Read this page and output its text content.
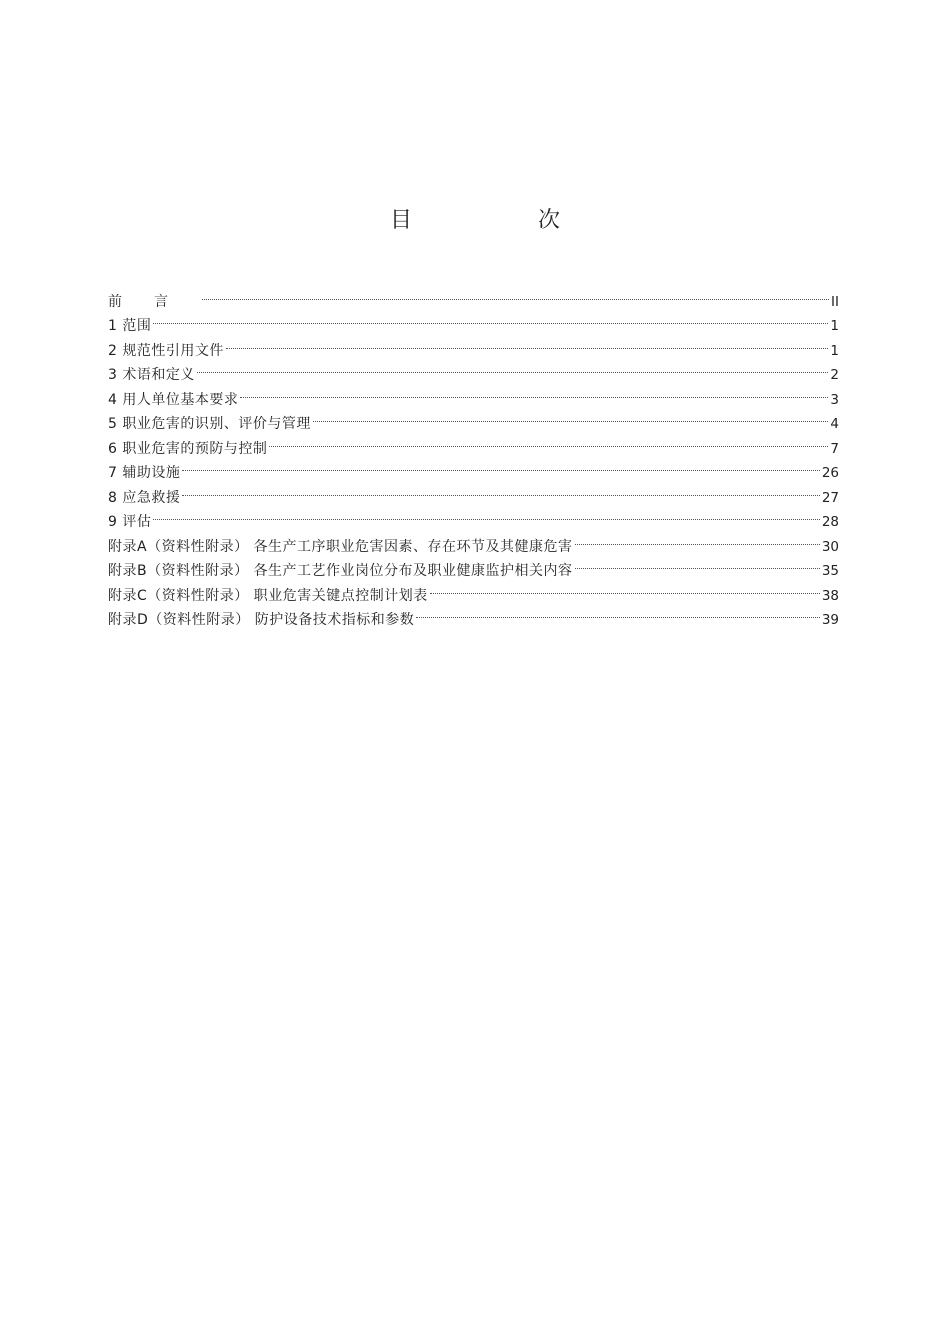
目　次
前言	II
1 范围	1
2 规范性引用文件	1
3 术语和定义	2
4 用人单位基本要求	3
5 职业危害的识别、评价与管理	4
6 职业危害的预防与控制	7
7 辅助设施	26
8 应急救援	27
9 评估	28
附录A（资料性附录） 各生产工序职业危害因素、存在环节及其健康危害	30
附录B（资料性附录） 各生产工艺作业岗位分布及职业健康监护相关内容	35
附录C（资料性附录） 职业危害关键点控制计划表	38
附录D（资料性附录） 防护设备技术指标和参数	39
